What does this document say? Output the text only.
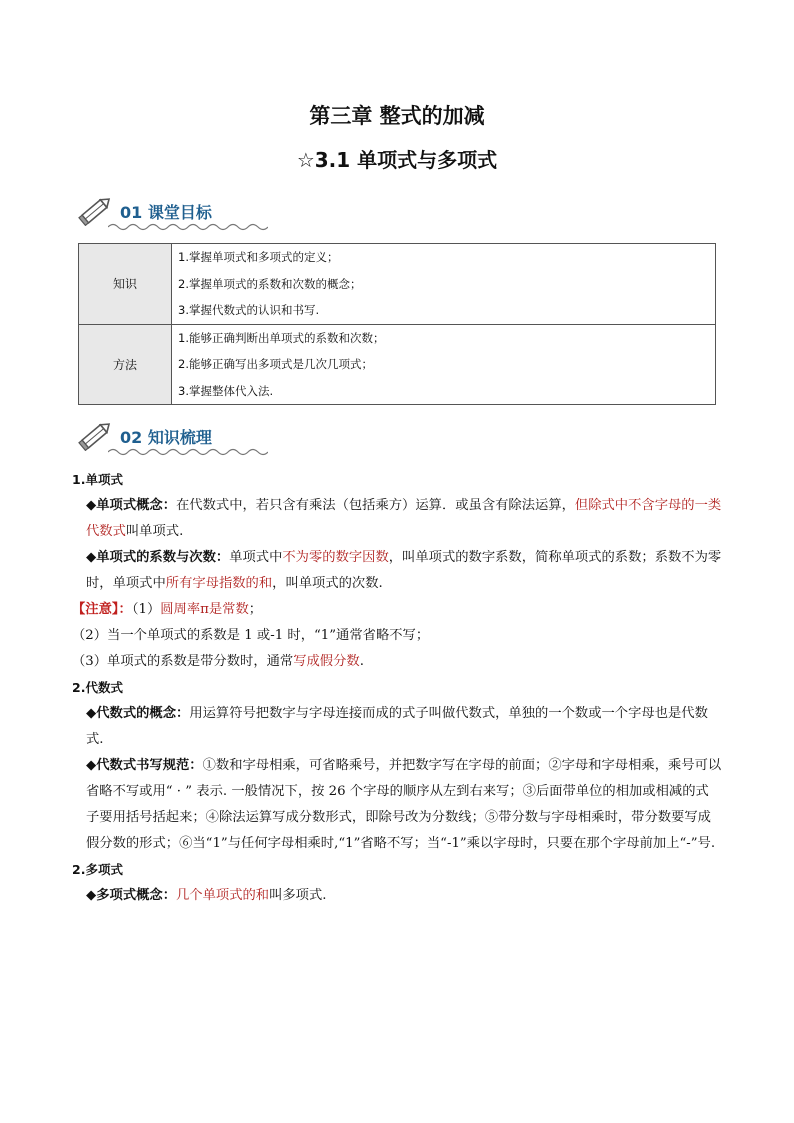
第三章 整式的加减
☆3.1 单项式与多项式
01 课堂目标
知识	1.掌握单项式和多项式的定义；
2.掌握单项式的系数和次数的概念；
3.掌握代数式的认识和书写.

方法	1.能够正确判断出单项式的系数和次数；
2.能够正确写出多项式是几次几项式；
3.掌握整体代入法.
02 知识梳理

1.单项式

◆单项式概念：在代数式中，若只含有乘法（包括乘方）运算．或虽含有除法运算，但除式中不含字母的一类代数式叫单项式.

◆单项式的系数与次数：单项式中不为零的数字因数，叫单项式的数字系数，简称单项式的系数；系数不为零时，单项式中所有字母指数的和，叫单项式的次数.

【注意】：（1）圆周率π是常数；

（2）当一个单项式的系数是 1 或-1 时，“1”通常省略不写；

（3）单项式的系数是带分数时，通常写成假分数.

2.代数式

◆代数式的概念：用运算符号把数字与字母连接而成的式子叫做代数式，单独的一个数或一个字母也是代数式.

◆代数式书写规范：①数和字母相乘，可省略乘号，并把数字写在字母的前面；②字母和字母相乘，乘号可以省略不写或用“ · ” 表示. 一般情况下，按 26 个字母的顺序从左到右来写；③后面带单位的相加或相减的式子要用括号括起来；④除法运算写成分数形式，即除号改为分数线；⑤带分数与字母相乘时，带分数要写成假分数的形式；⑥当“1”与任何字母相乘时,“1”省略不写；当“-1”乘以字母时，只要在那个字母前加上“-”号.

2.多项式

◆多项式概念：几个单项式的和叫多项式.
